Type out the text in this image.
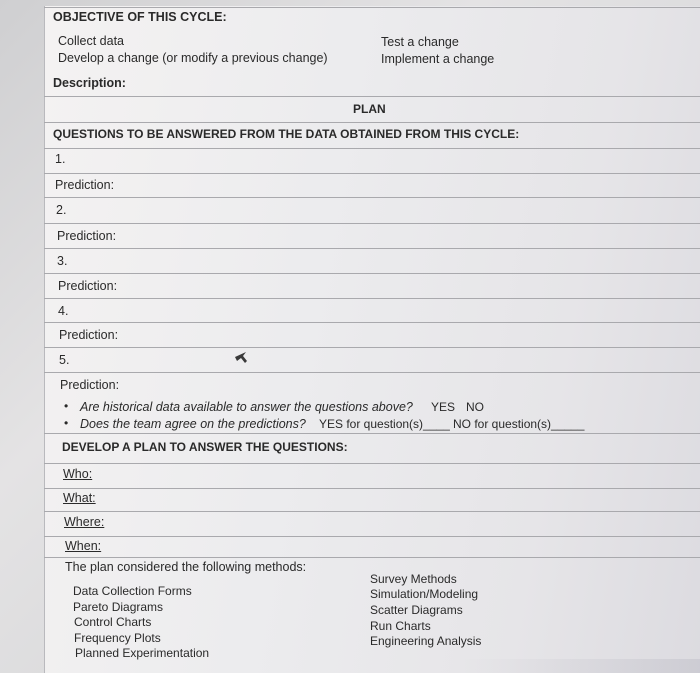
OBJECTIVE OF THIS CYCLE:
Collect data
Develop a change (or modify a previous change)
Test a change
Implement a change
Description:
PLAN
QUESTIONS TO BE ANSWERED FROM THE DATA OBTAINED FROM THIS CYCLE:
1.
Prediction:
2.
Prediction:
3.
Prediction:
4.
Prediction:
5.
Prediction:
• Are historical data available to answer the questions above? YES NO
• Does the team agree on the predictions? YES for question(s)____ NO for question(s)_____
DEVELOP A PLAN TO ANSWER THE QUESTIONS:
Who:
What:
Where:
When:
The plan considered the following methods:
Data Collection Forms
Pareto Diagrams
Control Charts
Frequency Plots
Planned Experimentation
Survey Methods
Simulation/Modeling
Scatter Diagrams
Run Charts
Engineering Analysis
